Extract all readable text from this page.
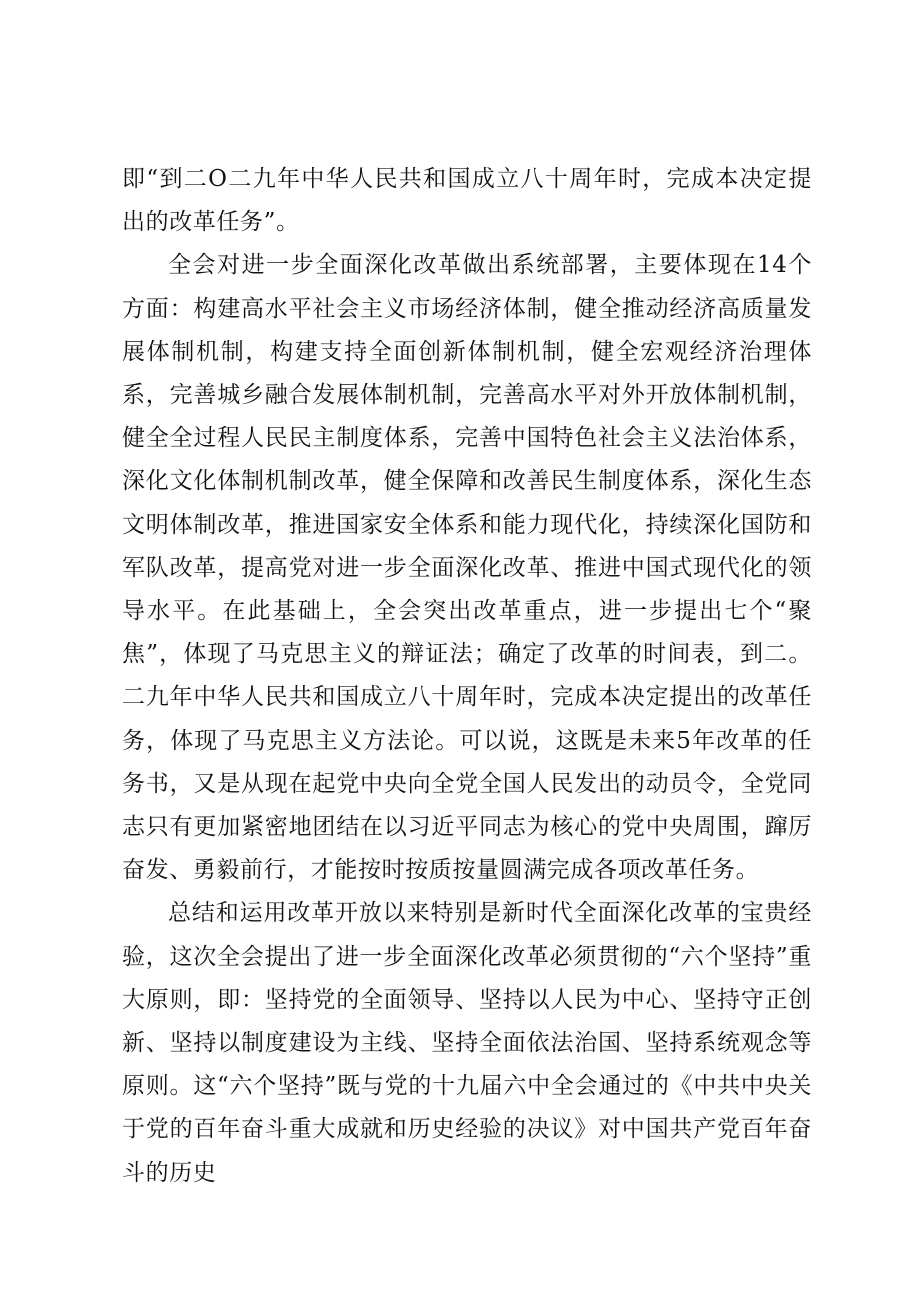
即“到二O二九年中华人民共和国成立八十周年时，完成本决定提出的改革任务”。

全会对进一步全面深化改革做出系统部署，主要体现在14个方面：构建高水平社会主义市场经济体制，健全推动经济高质量发展体制机制，构建支持全面创新体制机制，健全宏观经济治理体系，完善城乡融合发展体制机制，完善高水平对外开放体制机制，健全全过程人民民主制度体系，完善中国特色社会主义法治体系，深化文化体制机制改革，健全保障和改善民生制度体系，深化生态文明体制改革，推进国家安全体系和能力现代化，持续深化国防和军队改革，提高党对进一步全面深化改革、推进中国式现代化的领导水平。在此基础上，全会突出改革重点，进一步提出七个“聚焦”，体现了马克思主义的辩证法；确定了改革的时间表，到二。二九年中华人民共和国成立八十周年时，完成本决定提出的改革任务，体现了马克思主义方法论。可以说，这既是未来5年改革的任务书，又是从现在起党中央向全党全国人民发出的动员令，全党同志只有更加紧密地团结在以习近平同志为核心的党中央周围，蹿厉奋发、勇毅前行，才能按时按质按量圆满完成各项改革任务。

总结和运用改革开放以来特别是新时代全面深化改革的宝贵经验，这次全会提出了进一步全面深化改革必须贯彻的“六个坚持”重大原则，即：坚持党的全面领导、坚持以人民为中心、坚持守正创新、坚持以制度建设为主线、坚持全面依法治国、坚持系统观念等原则。这“六个坚持”既与党的十九届六中全会通过的《中共中央关于党的百年奋斗重大成就和历史经验的决议》对中国共产党百年奋斗的历史
